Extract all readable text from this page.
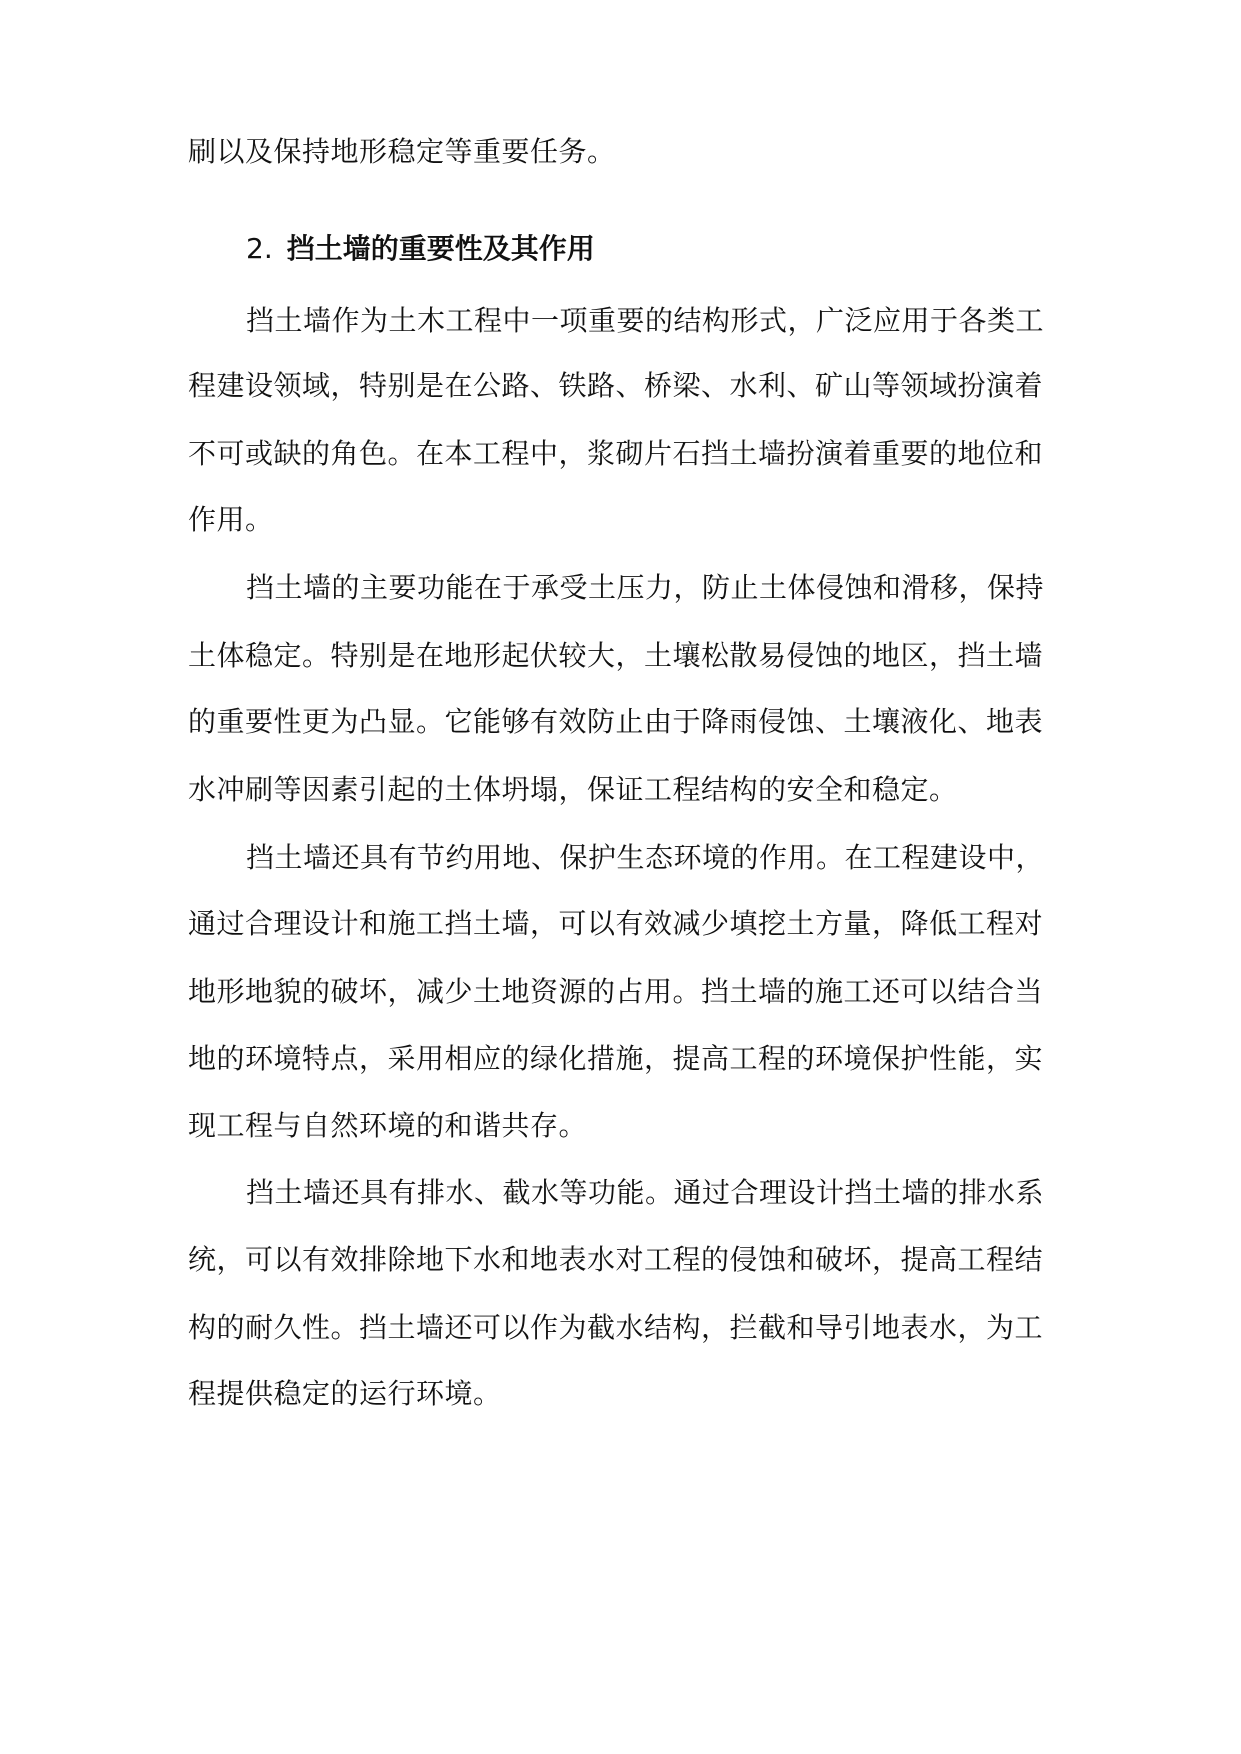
刷以及保持地形稳定等重要任务。
2. 挡土墙的重要性及其作用
挡土墙作为土木工程中一项重要的结构形式，广泛应用于各类工
程建设领域，特别是在公路、铁路、桥梁、水利、矿山等领域扮演着
不可或缺的角色。在本工程中，浆砌片石挡土墙扮演着重要的地位和
作用。
挡土墙的主要功能在于承受土压力，防止土体侵蚀和滑移，保持
土体稳定。特别是在地形起伏较大，土壤松散易侵蚀的地区，挡土墙
的重要性更为凸显。它能够有效防止由于降雨侵蚀、土壤液化、地表
水冲刷等因素引起的土体坍塌，保证工程结构的安全和稳定。
挡土墙还具有节约用地、保护生态环境的作用。在工程建设中，
通过合理设计和施工挡土墙，可以有效减少填挖土方量，降低工程对
地形地貌的破坏，减少土地资源的占用。挡土墙的施工还可以结合当
地的环境特点，采用相应的绿化措施，提高工程的环境保护性能，实
现工程与自然环境的和谐共存。
挡土墙还具有排水、截水等功能。通过合理设计挡土墙的排水系
统，可以有效排除地下水和地表水对工程的侵蚀和破坏，提高工程结
构的耐久性。挡土墙还可以作为截水结构，拦截和导引地表水，为工
程提供稳定的运行环境。
